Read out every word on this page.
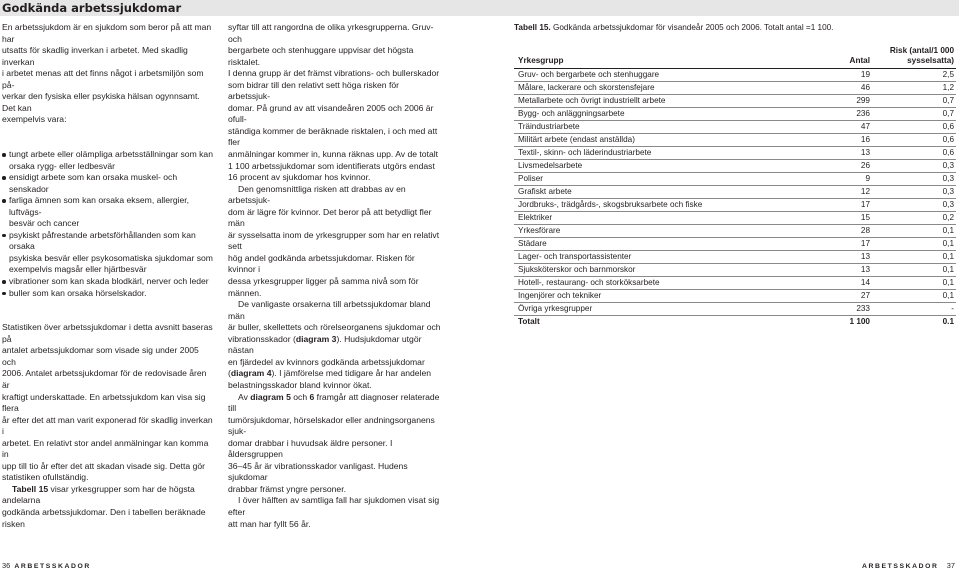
Godkända arbetssjukdomar

En arbetssjukdom är en sjukdom som beror på att man har
utsatts för skadlig inverkan i arbetet. Med skadlig inverkan
i arbetet menas att det finns något i arbetsmiljön som på-
verkar den fysiska eller psykiska hälsan ogynnsamt. Det kan
exempelvis vara:

tungt arbete eller olämpliga arbetsställningar som kan
orsaka rygg- eller ledbesvär
ensidigt arbete som kan orsaka muskel- och senskador
farliga ämnen som kan orsaka eksem, allergier, luftvägs-
besvär och cancer
psykiskt påfrestande arbetsförhållanden som kan orsaka
psykiska besvär eller psykosomatiska sjukdomar som
exempelvis magsår eller hjärtbesvär
vibrationer som kan skada blodkärl, nerver och leder
buller som kan orsaka hörselskador.

Statistiken över arbetssjukdomar i detta avsnitt baseras på
antalet arbetssjukdomar som visade sig under 2005 och
2006. Antalet arbetssjukdomar för de redovisade åren är
kraftigt underskattade. En arbetssjukdom kan visa sig flera
år efter det att man varit exponerad för skadlig inverkan i
arbetet. En relativt stor andel anmälningar kan komma in
upp till tio år efter det att skadan visade sig. Detta gör
statistiken ofullständig.

Tabell 15 visar yrkesgrupper som har de högsta andelarna
godkända arbetssjukdomar. Den i tabellen beräknade risken

syftar till att rangordna de olika yrkesgrupperna. Gruv- och
bergarbete och stenhuggare uppvisar det högsta risktalet.
I denna grupp är det främst vibrations- och bullerskador
som bidrar till den relativt sett höga risken för arbetssjuk-
domar. På grund av att visandeåren 2005 och 2006 är ofull-
ständiga kommer de beräknade risktalen, i och med att fler
anmälningar kommer in, kunna räknas upp. Av de totalt
1 100 arbetssjukdomar som identifierats utgörs endast
16 procent av sjukdomar hos kvinnor.

Den genomsnittliga risken att drabbas av en arbetssjuk-
dom är lägre för kvinnor. Det beror på att betydligt fler män
är sysselsatta inom de yrkesgrupper som har en relativt sett
hög andel godkända arbetssjukdomar. Risken för kvinnor i
dessa yrkesgrupper ligger på samma nivå som för männen.

De vanligaste orsakerna till arbetssjukdomar bland män
är buller, skellettets och rörelseorganens sjukdomar och
vibrationsskador (diagram 3). Hudsjukdomar utgör nästan
en fjärdedel av kvinnors godkända arbetssjukdomar
(diagram 4). I jämförelse med tidigare år har andelen
belastningsskador bland kvinnor ökat.

Av diagram 5 och 6 framgår att diagnoser relaterade till
tumörsjukdomar, hörselskador eller andningsorganens sjuk-
domar drabbar i huvudsak äldre personer. I åldersgruppen
36–45 år är vibrationsskador vanligast. Hudens sjukdomar
drabbar främst yngre personer.

I över hälften av samtliga fall har sjukdomen visat sig efter
att man har fyllt 56 år.

Tabell 15. Godkända arbetssjukdomar för visandeår 2005 och 2006. Totalt antal =1 100.
Yrkesgrupp	Antal	Risk (antal/1 000
sysselsatta)
Gruv- och bergarbete och stenhuggare	19	2,5
Målare, lackerare och skorstensfejare	46	1,2
Metallarbete och övrigt industriellt arbete	299	0,7
Bygg- och anläggningsarbete	236	0,7
Träindustriarbete	47	0,6
Militärt arbete (endast anställda)	16	0,6
Textil-, skinn- och läderindustriarbete	13	0,6
Livsmedelsarbete	26	0,3
Poliser	9	0,3
Grafiskt arbete	12	0,3
Jordbruks-, trädgårds-, skogsbruksarbete och fiske	17	0,3
Elektriker	15	0,2
Yrkesförare	28	0,1
Städare	17	0,1
Lager- och transportassistenter	13	0,1
Sjuksköterskor och barnmorskor	13	0,1
Hotell-, restaurang- och storköksarbete	14	0,1
Ingenjörer och tekniker	27	0,1
Övriga yrkesgrupper	233	-
Totalt	1 100	0.1
36 ARBETSSKADOR	ARBETSSKADOR 37
